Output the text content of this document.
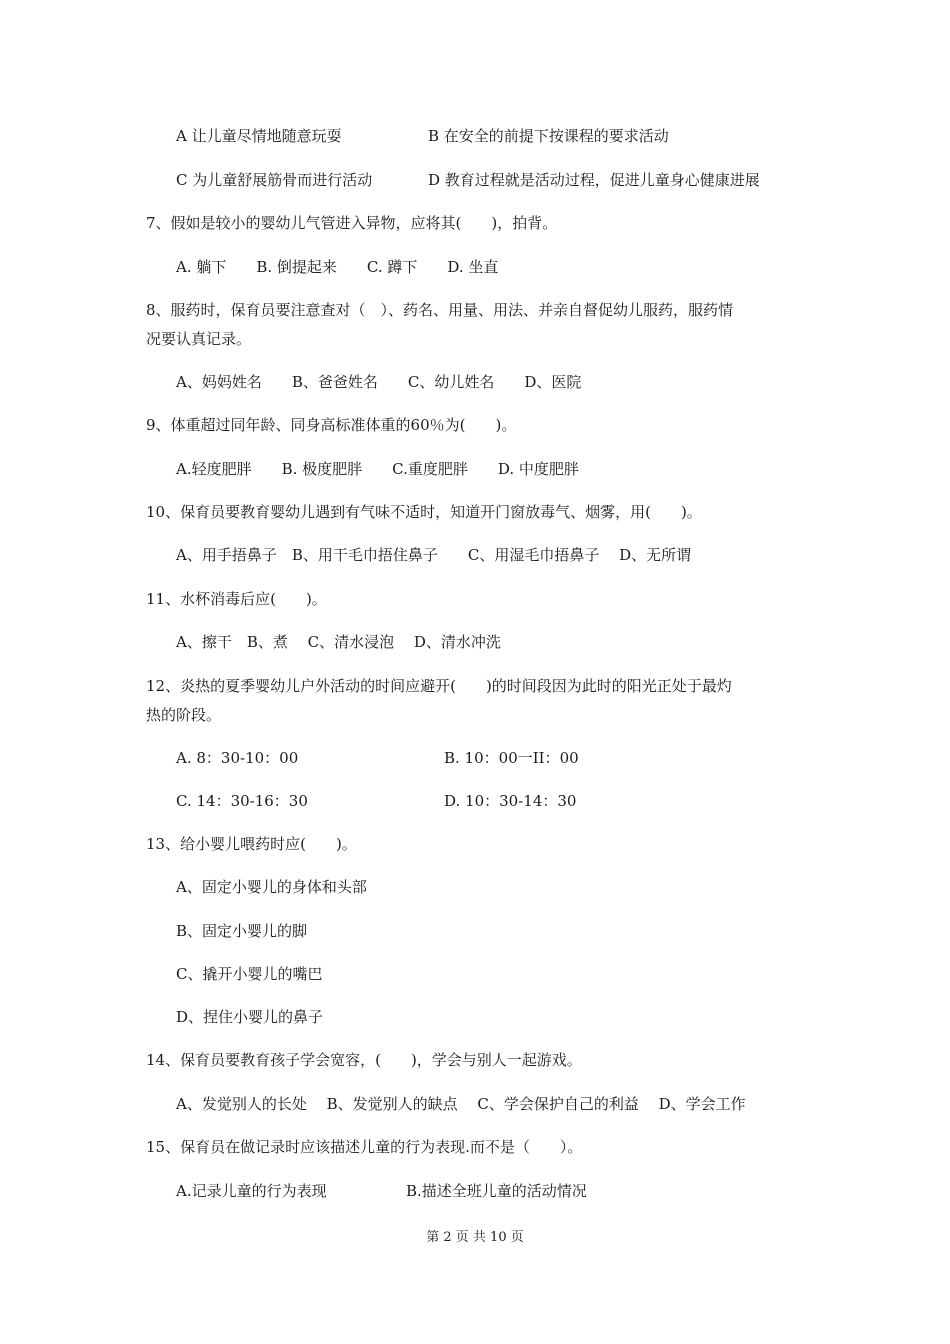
A 让儿童尽情地随意玩耍	B 在安全的前提下按课程的要求活动
C 为儿童舒展筋骨而进行活动	D 教育过程就是活动过程，促进儿童身心健康进展
7、假如是较小的婴幼儿气管进入异物，应将其(　　)，拍背。
A. 躺下　　B. 倒提起来　　C. 蹲下　　D. 坐直
8、服药时，保育员要注意查对（　）、药名、用量、用法、并亲自督促幼儿服药，服药情
况要认真记录。
A、妈妈姓名　　B、爸爸姓名　　C、幼儿姓名　　D、医院
9、体重超过同年龄、同身高标准体重的60％为(　　)。
A.轻度肥胖　　B. 极度肥胖　　C.重度肥胖　　D. 中度肥胖
10、保育员要教育婴幼儿遇到有气味不适时，知道开门窗放毒气、烟雾，用(　　)。
A、用手捂鼻子　B、用干毛巾捂住鼻子　　C、用湿毛巾捂鼻子　 D、无所谓
11、水杯消毒后应(　　)。
A、擦干　B、煮　 C、清水浸泡　 D、清水冲洗
12、炎热的夏季婴幼儿户外活动的时间应避开(　　)的时间段因为此时的阳光正处于最灼
热的阶段。
A. 8：30-10：00	B. 10：00一II：00
C. 14：30-16：30	D. 10：30-14：30
13、给小婴儿喂药时应(　　)。
A、固定小婴儿的身体和头部
B、固定小婴儿的脚
C、撬开小婴儿的嘴巴
D、捏住小婴儿的鼻子
14、保育员要教育孩子学会宽容，(　　)，学会与别人一起游戏。
A、发觉别人的长处　 B、发觉别人的缺点　 C、学会保护自己的利益　 D、学会工作
15、保育员在做记录时应该描述儿童的行为表现.而不是（　　）。
A.记录儿童的行为表现	B.描述全班儿童的活动情况
第 2 页 共 10 页
